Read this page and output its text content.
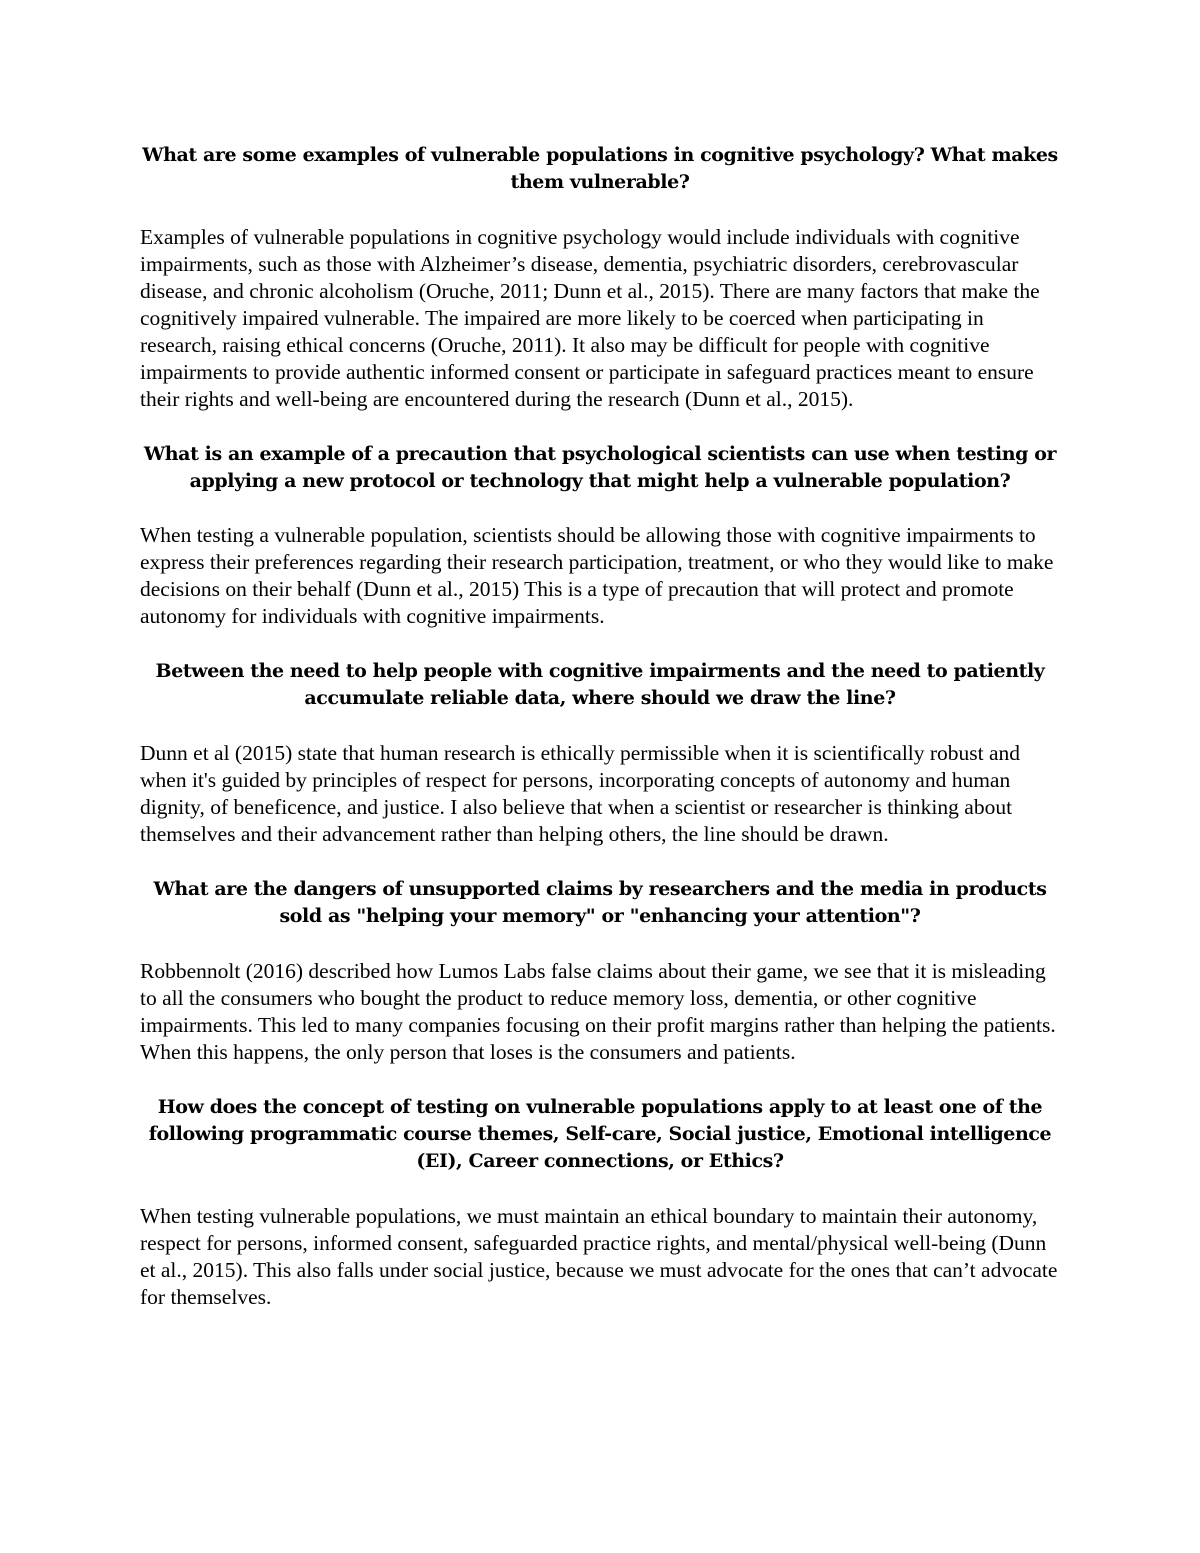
What are some examples of vulnerable populations in cognitive psychology? What makes them vulnerable?

Examples of vulnerable populations in cognitive psychology would include individuals with cognitive impairments, such as those with Alzheimer’s disease, dementia, psychiatric disorders, cerebrovascular disease, and chronic alcoholism (Oruche, 2011; Dunn et al., 2015). There are many factors that make the cognitively impaired vulnerable. The impaired are more likely to be coerced when participating in research, raising ethical concerns (Oruche, 2011). It also may be difficult for people with cognitive impairments to provide authentic informed consent or participate in safeguard practices meant to ensure their rights and well-being are encountered during the research (Dunn et al., 2015).

What is an example of a precaution that psychological scientists can use when testing or applying a new protocol or technology that might help a vulnerable population?

When testing a vulnerable population, scientists should be allowing those with cognitive impairments to express their preferences regarding their research participation, treatment, or who they would like to make decisions on their behalf (Dunn et al., 2015) This is a type of precaution that will protect and promote autonomy for individuals with cognitive impairments.

Between the need to help people with cognitive impairments and the need to patiently accumulate reliable data, where should we draw the line?

Dunn et al (2015) state that human research is ethically permissible when it is scientifically robust and when it's guided by principles of respect for persons, incorporating concepts of autonomy and human dignity, of beneficence, and justice. I also believe that when a scientist or researcher is thinking about themselves and their advancement rather than helping others, the line should be drawn.

What are the dangers of unsupported claims by researchers and the media in products sold as "helping your memory" or "enhancing your attention"?

Robbennolt (2016) described how Lumos Labs false claims about their game, we see that it is misleading to all the consumers who bought the product to reduce memory loss, dementia, or other cognitive impairments. This led to many companies focusing on their profit margins rather than helping the patients. When this happens, the only person that loses is the consumers and patients.

How does the concept of testing on vulnerable populations apply to at least one of the following programmatic course themes, Self-care, Social justice, Emotional intelligence (EI), Career connections, or Ethics?

When testing vulnerable populations, we must maintain an ethical boundary to maintain their autonomy, respect for persons, informed consent, safeguarded practice rights, and mental/physical well-being (Dunn et al., 2015). This also falls under social justice, because we must advocate for the ones that can’t advocate for themselves.
